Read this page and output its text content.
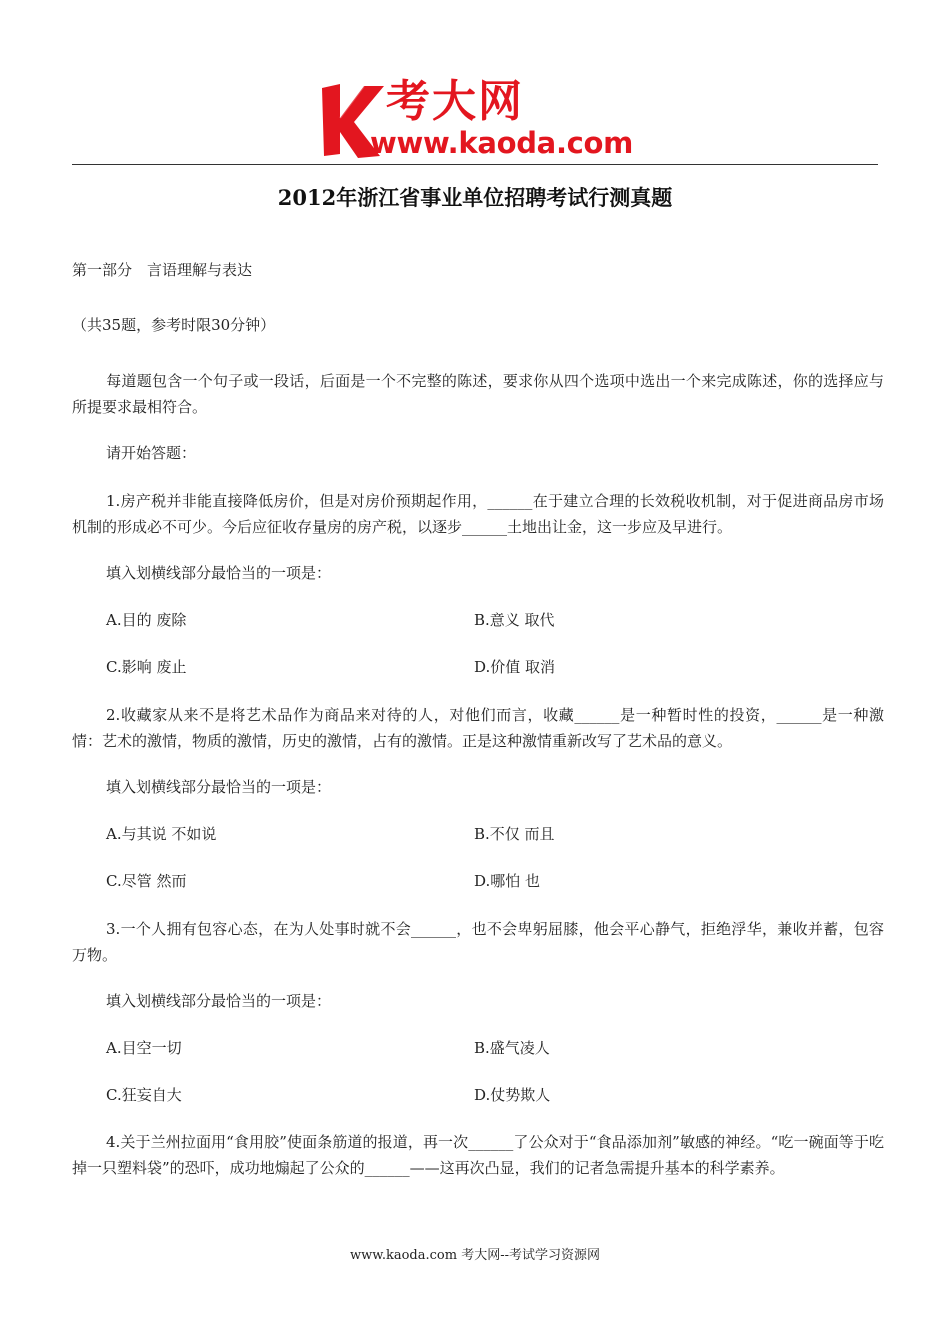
考大网
www.kaoda.com
2012年浙江省事业单位招聘考试行测真题
第一部分　言语理解与表达
（共35题，参考时限30分钟）
每道题包含一个句子或一段话，后面是一个不完整的陈述，要求你从四个选项中选出一个来完成陈述，你的选择应与所提要求最相符合。
请开始答题：
1.房产税并非能直接降低房价，但是对房价预期起作用，______在于建立合理的长效税收机制，对于促进商品房市场机制的形成必不可少。今后应征收存量房的房产税，以逐步______土地出让金，这一步应及早进行。
填入划横线部分最恰当的一项是：
A.目的 废除	B.意义 取代
C.影响 废止	D.价值 取消
2.收藏家从来不是将艺术品作为商品来对待的人，对他们而言，收藏______是一种暂时性的投资，______是一种激情：艺术的激情，物质的激情，历史的激情，占有的激情。正是这种激情重新改写了艺术品的意义。
填入划横线部分最恰当的一项是：
A.与其说 不如说	B.不仅 而且
C.尽管 然而	D.哪怕 也
3.一个人拥有包容心态，在为人处事时就不会______，也不会卑躬屈膝，他会平心静气，拒绝浮华，兼收并蓄，包容万物。
填入划横线部分最恰当的一项是：
A.目空一切	B.盛气凌人
C.狂妄自大	D.仗势欺人
4.关于兰州拉面用“食用胶”使面条筋道的报道，再一次______了公众对于“食品添加剂”敏感的神经。“吃一碗面等于吃掉一只塑料袋”的恐吓，成功地煽起了公众的______——这再次凸显，我们的记者急需提升基本的科学素养。
www.kaoda.com 考大网--考试学习资源网
